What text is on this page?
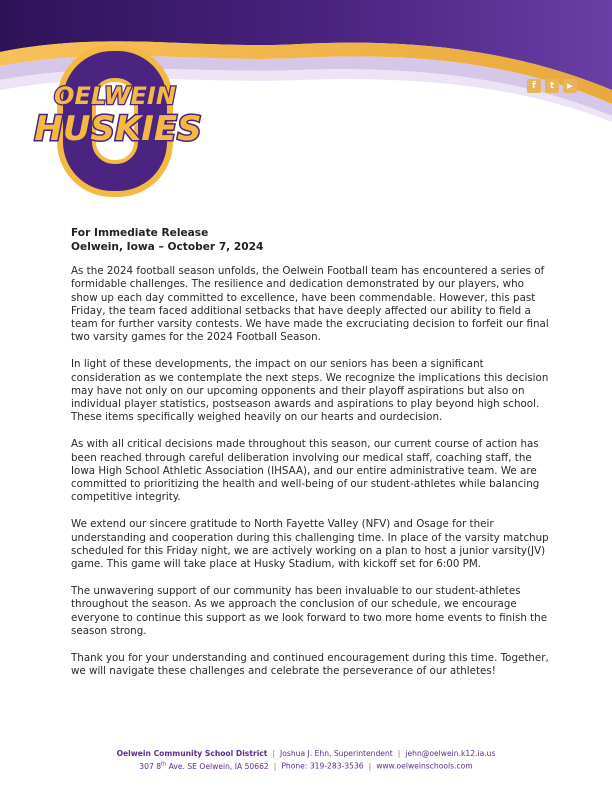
OELWEIN
HUSKIES
f	t	▶
For Immediate Release
Oelwein, Iowa – October 7, 2024

As the 2024 football season unfolds, the Oelwein Football team has encountered a series of formidable challenges. The resilience and dedication demonstrated by our players, who show up each day committed to excellence, have been commendable. However, this past Friday, the team faced additional setbacks that have deeply affected our ability to field a team for further varsity contests. We have made the excruciating decision to forfeit our final two varsity games for the 2024 Football Season.

In light of these developments, the impact on our seniors has been a significant consideration as we contemplate the next steps. We recognize the implications this decision may have not only on our upcoming opponents and their playoff aspirations but also on individual player statistics, postseason awards and aspirations to play beyond high school. These items specifically weighed heavily on our hearts and ourdecision.

As with all critical decisions made throughout this season, our current course of action has been reached through careful deliberation involving our medical staff, coaching staff, the Iowa High School Athletic Association (IHSAA), and our entire administrative team. We are committed to prioritizing the health and well-being of our student-athletes while balancing competitive integrity.

We extend our sincere gratitude to North Fayette Valley (NFV) and Osage for their understanding and cooperation during this challenging time. In place of the varsity matchup scheduled for this Friday night, we are actively working on a plan to host a junior varsity(JV) game. This game will take place at Husky Stadium, with kickoff set for 6:00 PM.

The unwavering support of our community has been invaluable to our student-athletes throughout the season. As we approach the conclusion of our schedule, we encourage everyone to continue this support as we look forward to two more home events to finish the season strong.

Thank you for your understanding and continued encouragement during this time. Together, we will navigate these challenges and celebrate the perseverance of our athletes!

Oelwein Community School District | Joshua J. Ehn, Superintendent | jehn@oelwein.k12.ia.us
307 8th Ave. SE Oelwein, IA 50662 | Phone: 319-283-3536 | www.oelweinschools.com
